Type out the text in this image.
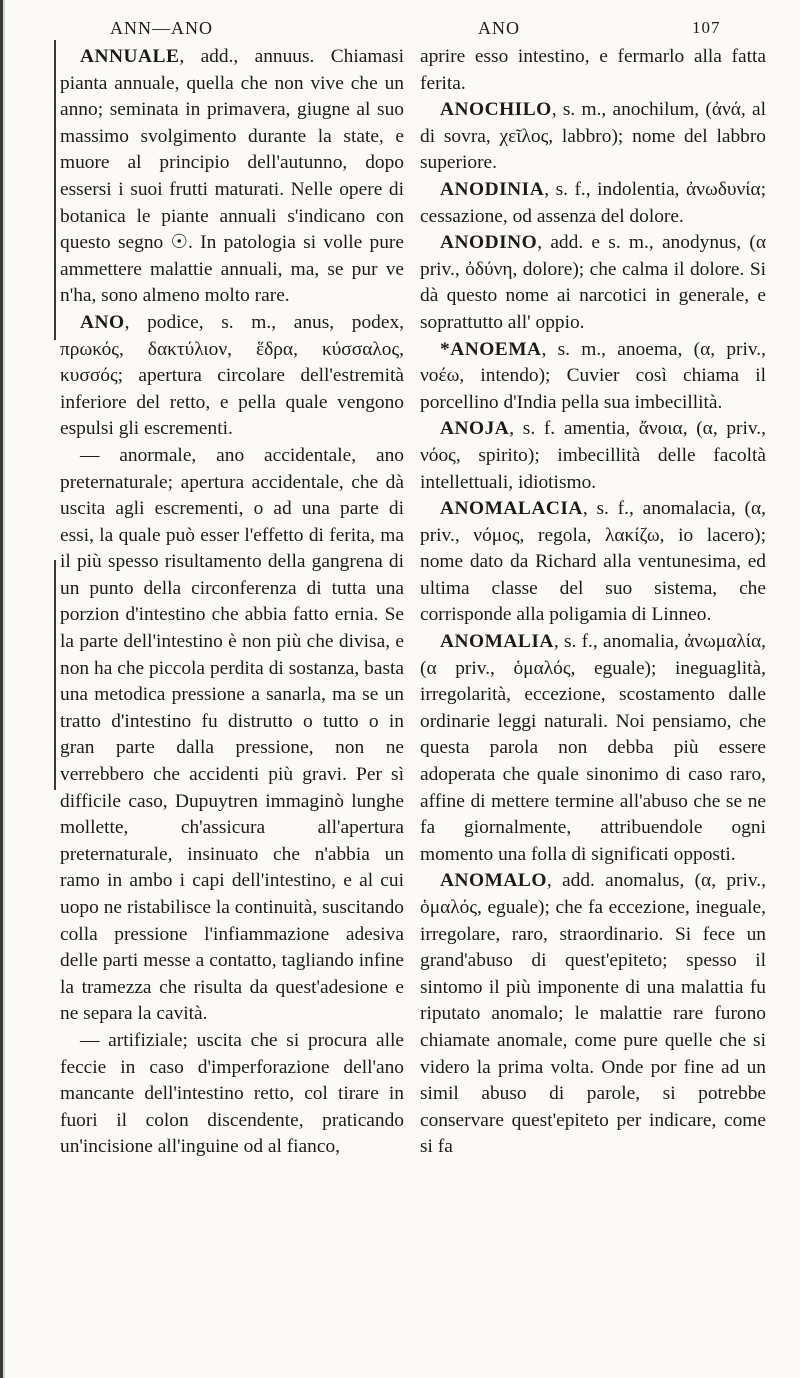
ANN—ANO	ANO	107

ANNUALE, add., annuus. Chiamasi pianta annuale, quella che non vive che un anno; seminata in primavera, giugne al suo massimo svolgimento durante la state, e muore al principio dell'autunno, dopo essersi i suoi frutti maturati. Nelle opere di botanica le piante annuali s'indicano con questo segno ☉. In patologia si volle pure ammettere malattie annuali, ma, se pur ve n'ha, sono almeno molto rare.

ANO, podice, s. m., anus, podex, πρωκός, δακτύλιον, ἕδρα, κύσσαλος, κυσσός; apertura circolare dell'estremità inferiore del retto, e pella quale vengono espulsi gli escrementi.

— anormale, ano accidentale, ano preternaturale; apertura accidentale, che dà uscita agli escrementi, o ad una parte di essi, la quale può esser l'effetto di ferita, ma il più spesso risultamento della gangrena di un punto della circonferenza di tutta una porzion d'intestino che abbia fatto ernia. Se la parte dell'intestino è non più che divisa, e non ha che piccola perdita di sostanza, basta una metodica pressione a sanarla, ma se un tratto d'intestino fu distrutto o tutto o in gran parte dalla pressione, non ne verrebbero che accidenti più gravi. Per sì difficile caso, Dupuytren immaginò lunghe mollette, ch'assicura all'apertura preternaturale, insinuato che n'abbia un ramo in ambo i capi dell'intestino, e al cui uopo ne ristabilisce la continuità, suscitando colla pressione l'infiammazione adesiva delle parti messe a contatto, tagliando infine la tramezza che risulta da quest'adesione e ne separa la cavità.

— artifiziale; uscita che si procura alle feccie in caso d'imperforazione dell'ano mancante dell'intestino retto, col tirare in fuori il colon discendente, praticando un'incisione all'inguine od al fianco,

aprire esso intestino, e fermarlo alla fatta ferita.

ANOCHILO, s. m., anochilum, (ἀνά, al di sovra, χεῖλος, labbro); nome del labbro superiore.

ANODINIA, s. f., indolentia, ἀνωδυνία; cessazione, od assenza del dolore.

ANODINO, add. e s. m., anodynus, (α priv., ὀδύνη, dolore); che calma il dolore. Si dà questo nome ai narcotici in generale, e soprattutto all' oppio.

*ANOEMA, s. m., anoema, (α, priv., νοέω, intendo); Cuvier così chiama il porcellino d'India pella sua imbecillità.

ANOJA, s. f. amentia, ἄνοια, (α, priv., νόος, spirito); imbecillità delle facoltà intellettuali, idiotismo.

ANOMALACIA, s. f., anomalacia, (α, priv., νόμος, regola, λακίζω, io lacero); nome dato da Richard alla ventunesima, ed ultima classe del suo sistema, che corrisponde alla poligamia di Linneo.

ANOMALIA, s. f., anomalia, ἀνωμαλία, (α priv., ὁμαλός, eguale); ineguaglità, irregolarità, eccezione, scostamento dalle ordinarie leggi naturali. Noi pensiamo, che questa parola non debba più essere adoperata che quale sinonimo di caso raro, affine di mettere termine all'abuso che se ne fa giornalmente, attribuendole ogni momento una folla di significati opposti.

ANOMALO, add. anomalus, (α, priv., ὁμαλός, eguale); che fa eccezione, ineguale, irregolare, raro, straordinario. Si fece un grand'abuso di quest'epiteto; spesso il sintomo il più imponente di una malattia fu riputato anomalo; le malattie rare furono chiamate anomale, come pure quelle che si videro la prima volta. Onde por fine ad un simil abuso di parole, si potrebbe conservare quest'epiteto per indicare, come si fa
